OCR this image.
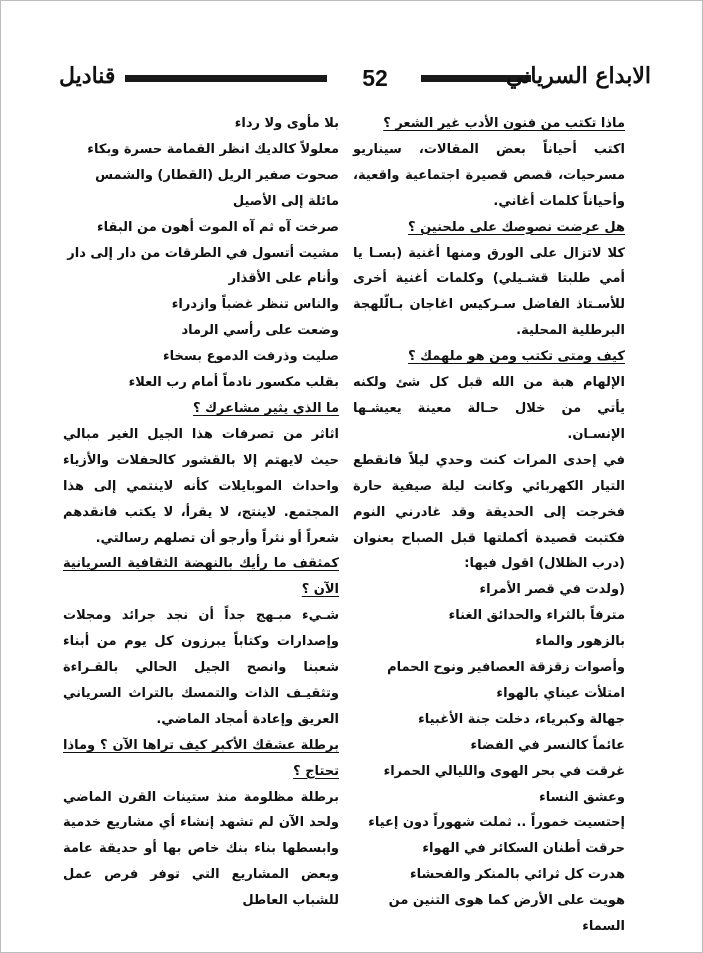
قنادیل	52	الابداع السرياني

ماذا تكتب من فنون الأدب غير الشعر ؟

اكتب أحياناً بعض المقالات، سيناريو مسرحيات، قصص قصيرة اجتماعية واقعية، وأحياناً كلمات أغاني.

هل عرضت نصوصك على ملحنين ؟

كلا لاتزال على الورق ومنها أغنية (بسـا يا أمي طلبتا قشـيلي) وكلمات أغنية أخرى للأسـتاذ الفاضل سـركيس اغاجان بـالّلهجة البرطلية المحلية.

كيف ومتى تكتب ومن هو ملهمك ؟

الإلهام هبة من الله قبل كل شئ ولكنه يأتي من خلال حـالة معينة يعيشـها الإنسـان.

في إحدى المرات كنت وحدي ليلاً فانقطع التيار الكهربائي وكانت ليلة صيفية حارة فخرجت إلى الحديقة وقد غادرني النوم فكتبت قصيدة أكملتها قبل الصباح بعنوان (درب الظلال) اقول فيها:

(ولدت في قصر الأمراء

مترفاً بالثراء والحدائق الغناء

بالزهور والماء

وأصوات زقزقة العصافير ونوح الحمام

امتلأت عيناي بالهواء

جهالة وكبرياء، دخلت جنة الأغبياء

عائماً كالنسر في الفضاء

غرقت في بحر الهوى والليالي الحمراء

وعشق النساء

إحتسيت خموراً .. ثملت شهوراً دون إعياء

حرقت أطنان السكائر في الهواء

هدرت كل ثرائي بالمنكر والفحشاء

هويت على الأرض كما هوى التنين من السماء

بلا مأوى ولا رداء

معلولاً كالديك انظر القمامة حسرة وبكاء

صحوت صفير الريل (القطار) والشمس مائلة إلى الأصيل

صرخت آه ثم آه الموت أهون من البقاء

مشيت أتسول في الطرقات من دار إلى دار

وأنام على الأقذار

والناس تنظر غضباً وازدراء

وضعت على رأسي الرماد

صليت وذرفت الدموع بسخاء

بقلب مكسور نادماً أمام رب العلاء

ما الذي يثير مشاعرك ؟

اثاثر من تصرفات هذا الجيل الغير مبالي حيث لايهتم إلا بالقشور كالحفلات والأزياء واحداث الموبايلات كأنه لاينتمي إلى هذا المجتمع. لاينتج، لا يقرأ، لا يكتب فانقدهم شعراً أو نثراً وأرجو أن تصلهم رسالتي.

كمثقف ما رأيك بالنهضة الثقافية السريانية الآن ؟

شـيء مبـهج جداً أن نجد جرائد ومجلات وإصدارات وكتاباً يبرزون كل يوم من أبناء شعبنا وانصح الجيل الحالي بالقـراءة وتثقيـف الذات والتمسك بالتراث السرياني العريق وإعادة أمجاد الماضي.

برطلة عشقك الأكبر كيف تراها الآن ؟ وماذا تحتاج ؟

برطلة مظلومة منذ ستينات القرن الماضي ولحد الآن لم تشهد إنشاء أي مشاريع خدمية وابسطها بناء بنك خاص بها أو حديقة عامة وبعض المشاريع التي توفر فرص عمل للشباب العاطل
